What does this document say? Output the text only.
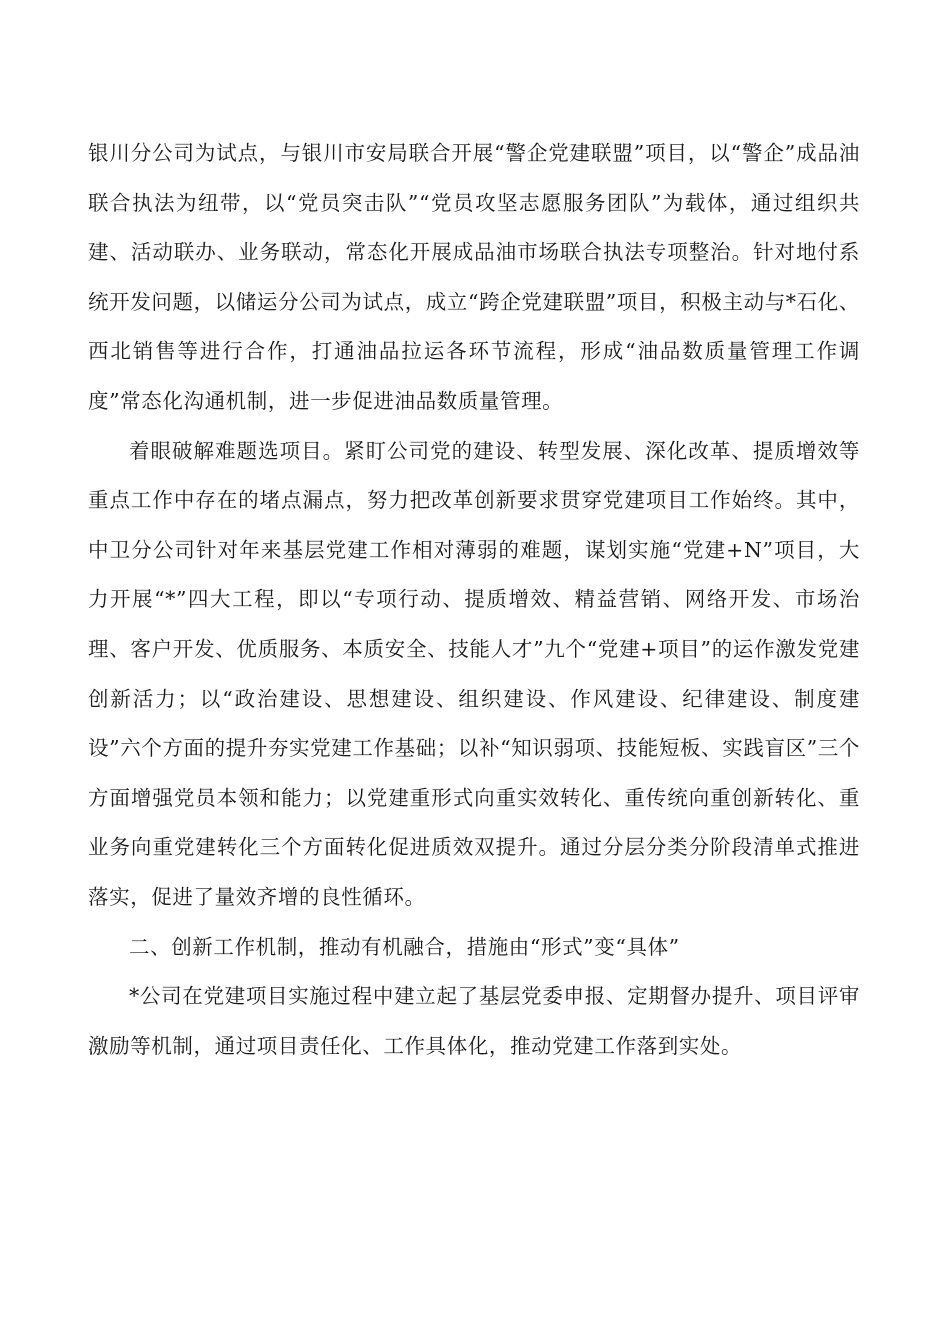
银川分公司为试点，与银川市安局联合开展“警企党建联盟”项目，以“警企”成品油联合执法为纽带，以“党员突击队”“党员攻坚志愿服务团队”为载体，通过组织共建、活动联办、业务联动，常态化开展成品油市场联合执法专项整治。针对地付系统开发问题，以储运分公司为试点，成立“跨企党建联盟”项目，积极主动与*石化、西北销售等进行合作，打通油品拉运各环节流程，形成“油品数质量管理工作调度”常态化沟通机制，进一步促进油品数质量管理。

着眼破解难题选项目。紧盯公司党的建设、转型发展、深化改革、提质增效等重点工作中存在的堵点漏点，努力把改革创新要求贯穿党建项目工作始终。其中，中卫分公司针对年来基层党建工作相对薄弱的难题，谋划实施“党建+N”项目，大力开展“*”四大工程，即以“专项行动、提质增效、精益营销、网络开发、市场治理、客户开发、优质服务、本质安全、技能人才”九个“党建+项目”的运作激发党建创新活力；以“政治建设、思想建设、组织建设、作风建设、纪律建设、制度建设”六个方面的提升夯实党建工作基础；以补“知识弱项、技能短板、实践盲区”三个方面增强党员本领和能力；以党建重形式向重实效转化、重传统向重创新转化、重业务向重党建转化三个方面转化促进质效双提升。通过分层分类分阶段清单式推进落实，促进了量效齐增的良性循环。

二、创新工作机制，推动有机融合，措施由“形式”变“具体”

*公司在党建项目实施过程中建立起了基层党委申报、定期督办提升、项目评审激励等机制，通过项目责任化、工作具体化，推动党建工作落到实处。
